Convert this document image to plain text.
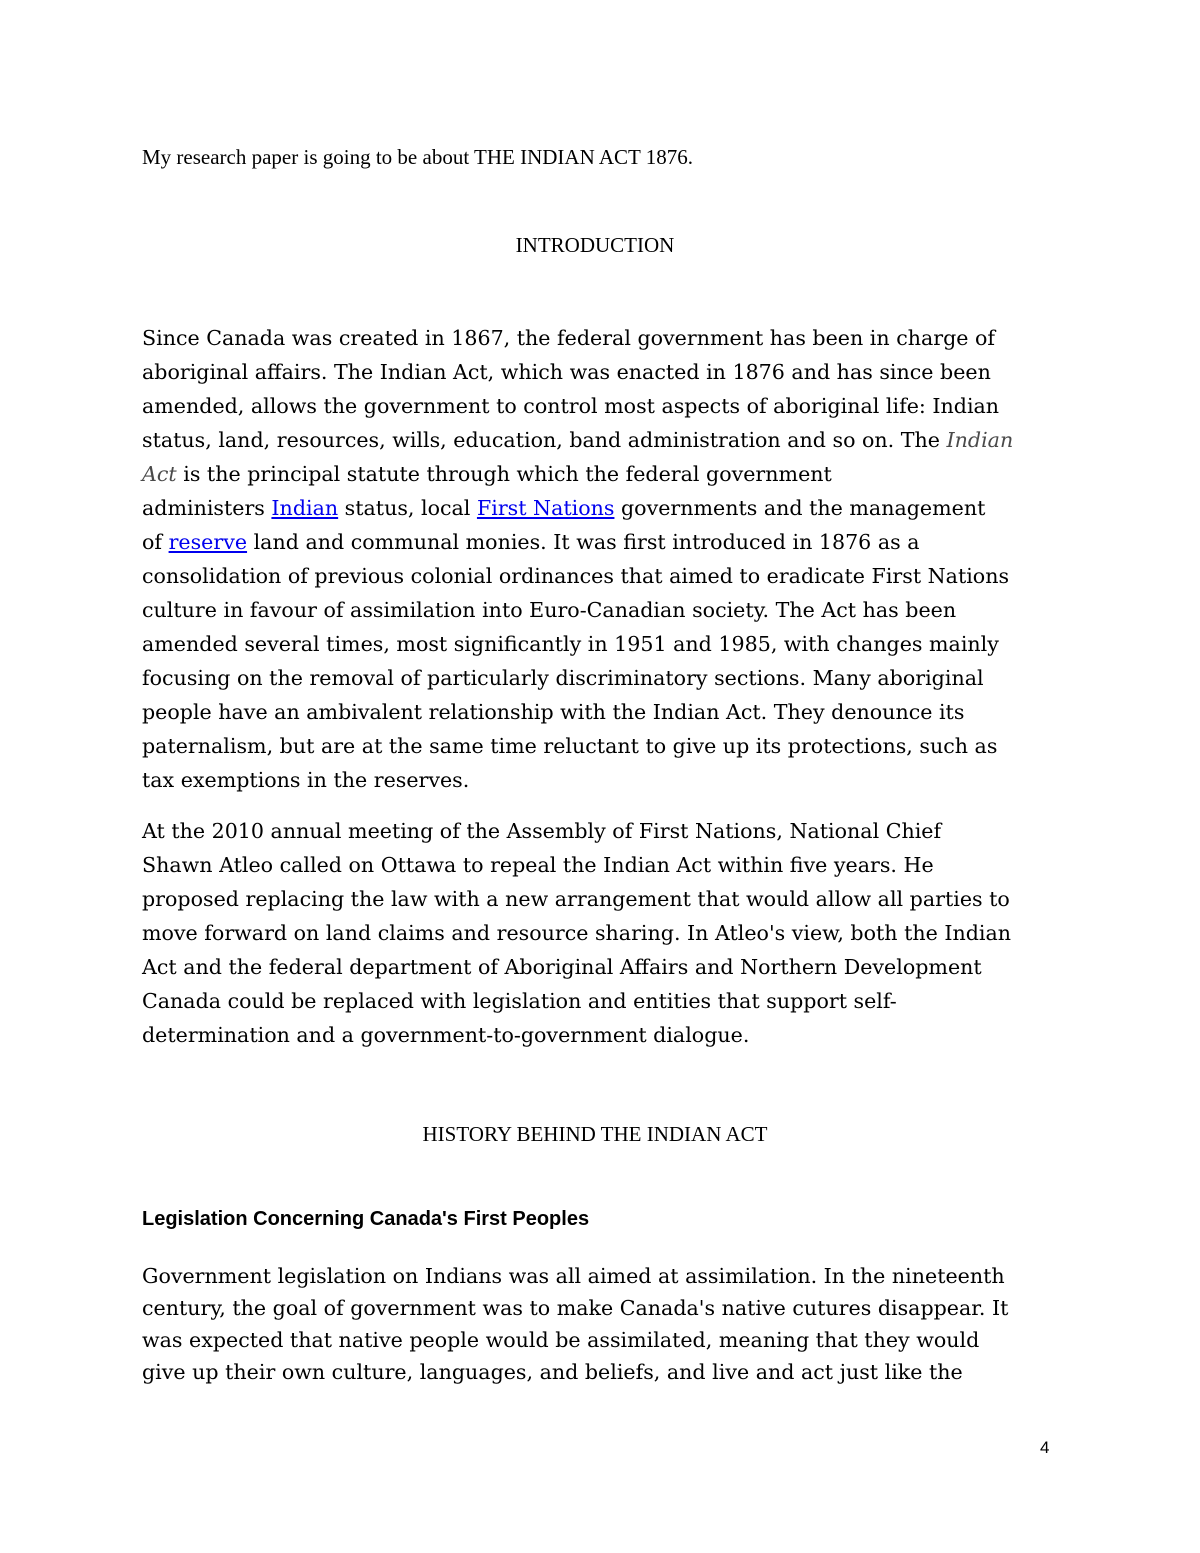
My research paper is going to be about THE INDIAN ACT 1876.
INTRODUCTION
Since Canada was created in 1867, the federal government has been in charge of
aboriginal affairs. The Indian Act, which was enacted in 1876 and has since been
amended, allows the government to control most aspects of aboriginal life: Indian
status, land, resources, wills, education, band administration and so on. The Indian
Act is the principal statute through which the federal government
administers Indian status, local First Nations governments and the management
of reserve land and communal monies. It was first introduced in 1876 as a
consolidation of previous colonial ordinances that aimed to eradicate First Nations
culture in favour of assimilation into Euro-Canadian society. The Act has been
amended several times, most significantly in 1951 and 1985, with changes mainly
focusing on the removal of particularly discriminatory sections. Many aboriginal
people have an ambivalent relationship with the Indian Act. They denounce its
paternalism, but are at the same time reluctant to give up its protections, such as
tax exemptions in the reserves.
At the 2010 annual meeting of the Assembly of First Nations, National Chief
Shawn Atleo called on Ottawa to repeal the Indian Act within five years. He
proposed replacing the law with a new arrangement that would allow all parties to
move forward on land claims and resource sharing. In Atleo's view, both the Indian
Act and the federal department of Aboriginal Affairs and Northern Development
Canada could be replaced with legislation and entities that support self-
determination and a government-to-government dialogue.
HISTORY BEHIND THE INDIAN ACT
Legislation Concerning Canada's First Peoples
Government legislation on Indians was all aimed at assimilation. In the nineteenth
century, the goal of government was to make Canada's native cutures disappear. It
was expected that native people would be assimilated, meaning that they would
give up their own culture, languages, and beliefs, and live and act just like the
4
